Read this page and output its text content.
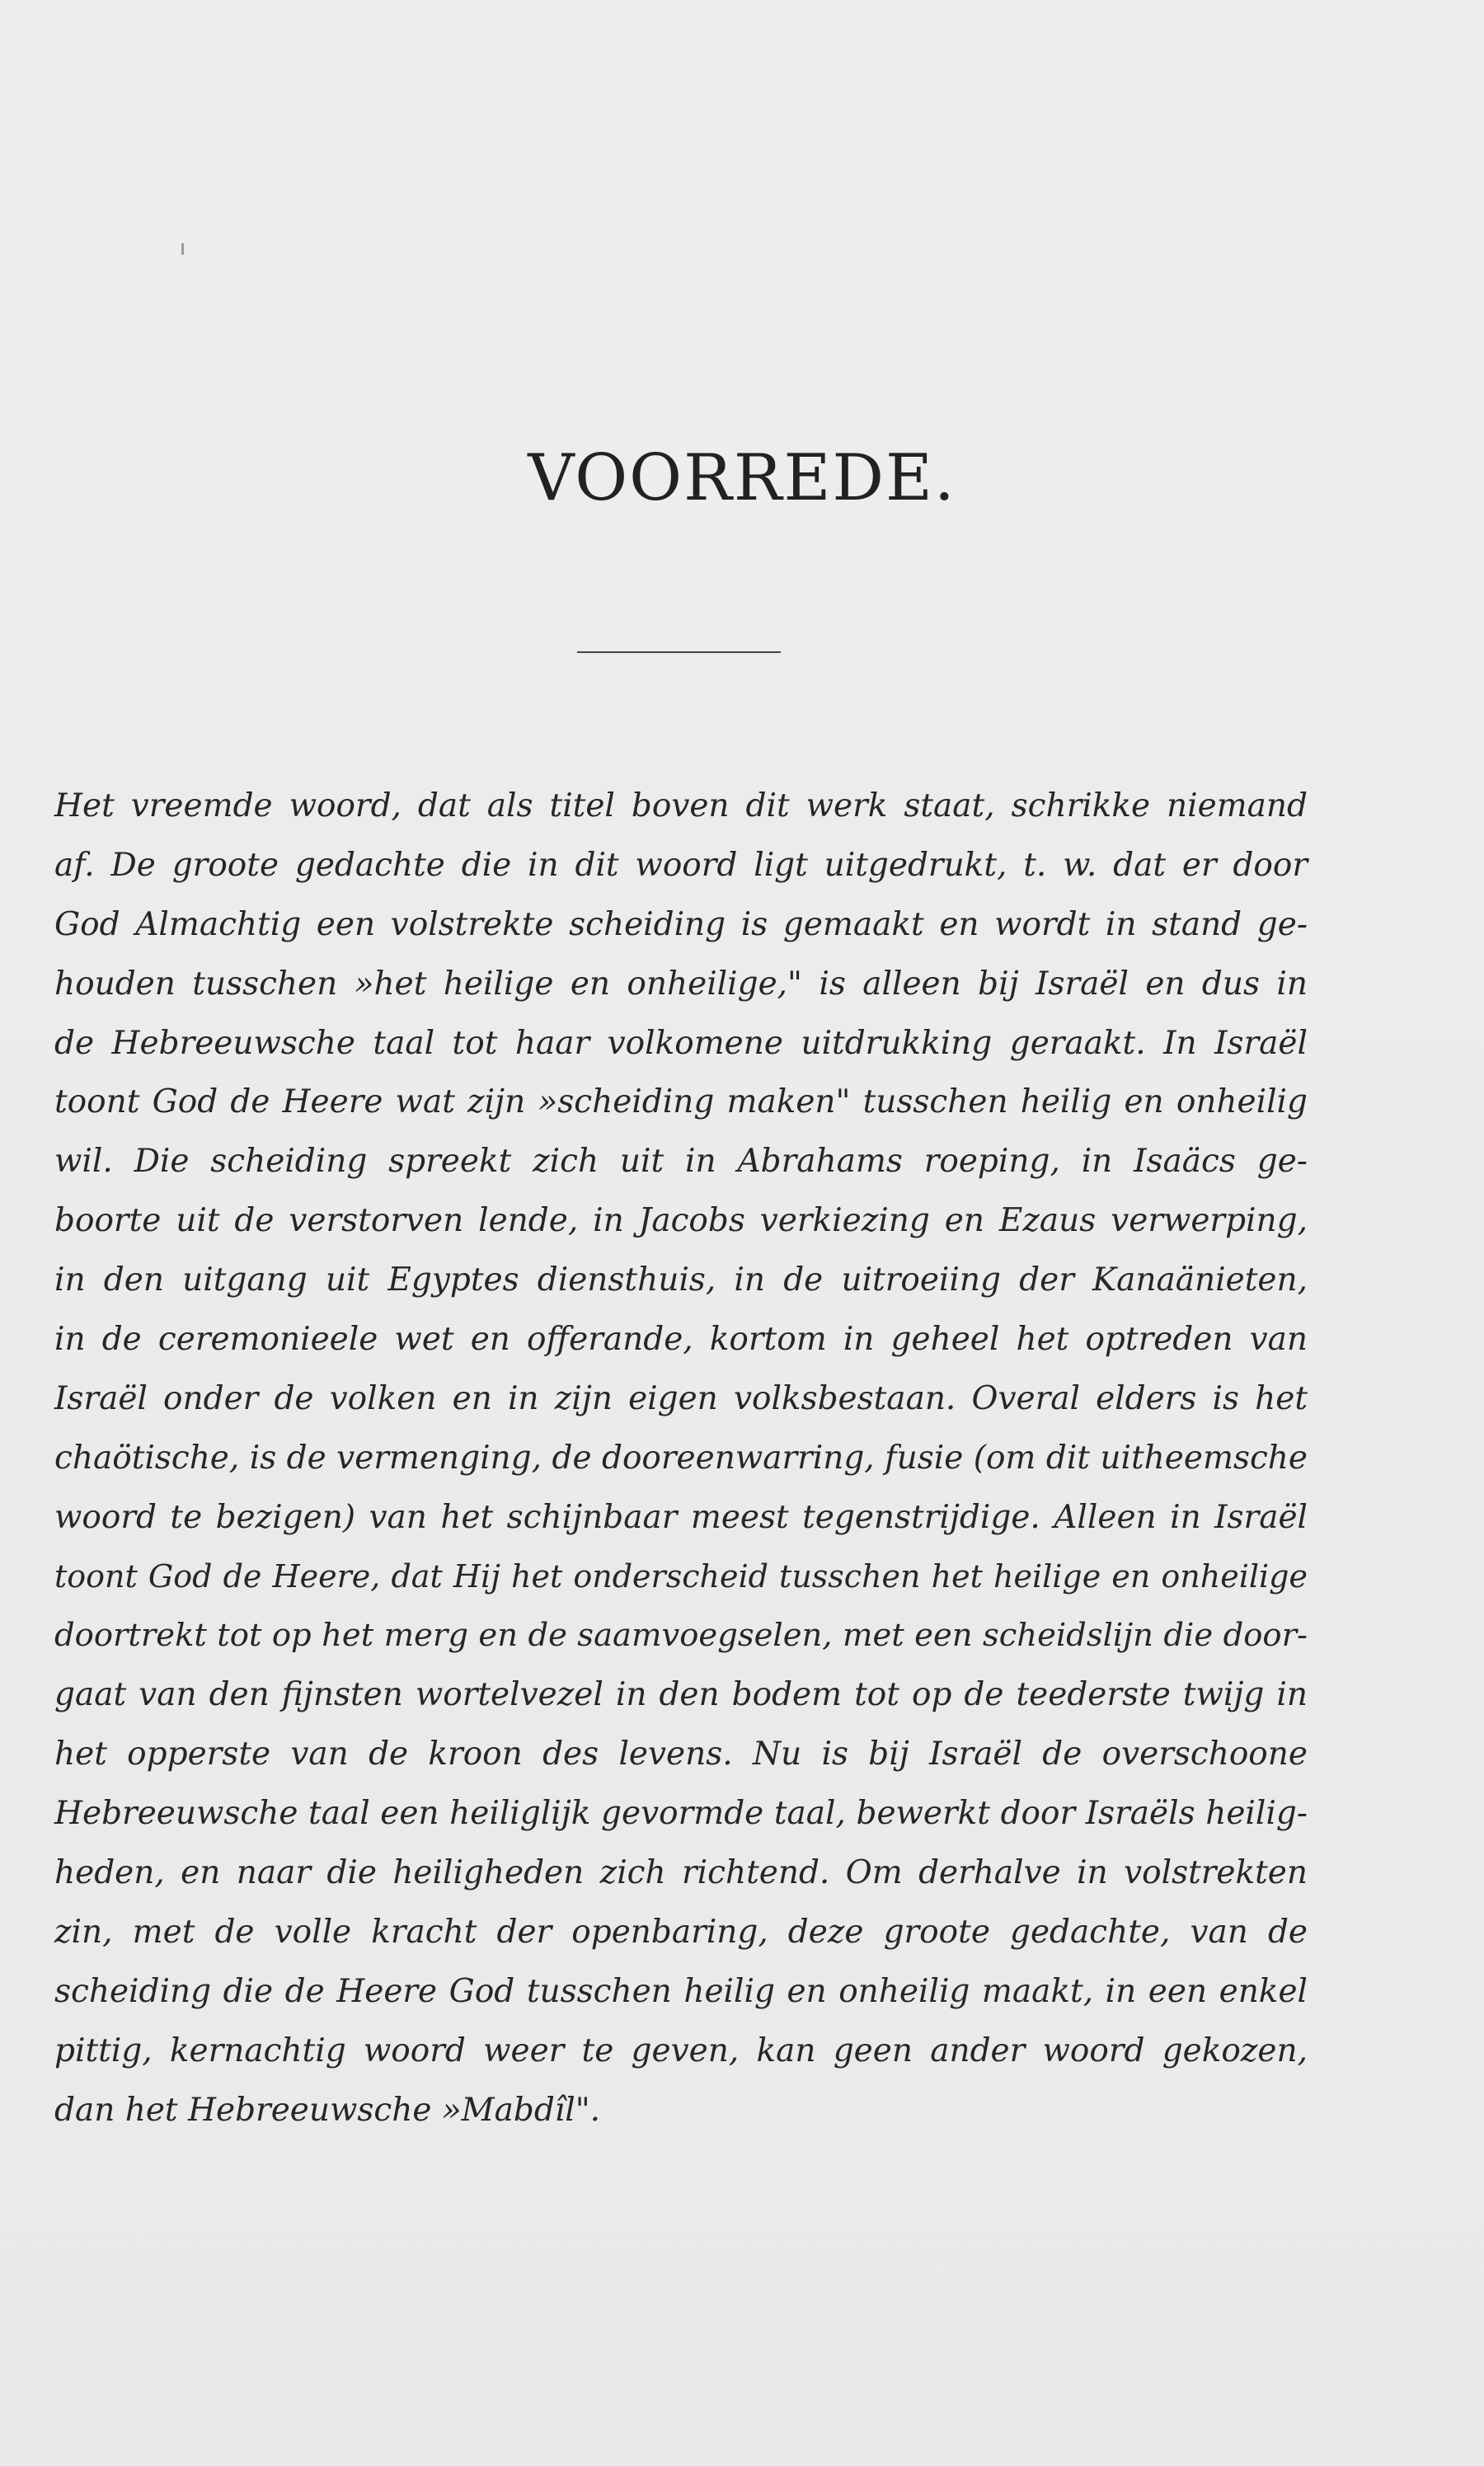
VOORREDE.
Het vreemde woord, dat als titel boven dit werk staat, schrikke niemand
af. De groote gedachte die in dit woord ligt uitgedrukt, t. w. dat er door
God Almachtig een volstrekte scheiding is gemaakt en wordt in stand ge-
houden tusschen »het heilige en onheilige," is alleen bij Israël en dus in
de Hebreeuwsche taal tot haar volkomene uitdrukking geraakt. In Israël
toont God de Heere wat zijn »scheiding maken" tusschen heilig en onheilig
wil. Die scheiding spreekt zich uit in Abrahams roeping, in Isaäcs ge-
boorte uit de verstorven lende, in Jacobs verkiezing en Ezaus verwerping,
in den uitgang uit Egyptes diensthuis, in de uitroeiing der Kanaänieten,
in de ceremonieele wet en offerande, kortom in geheel het optreden van
Israël onder de volken en in zijn eigen volksbestaan. Overal elders is het
chaötische, is de vermenging, de dooreenwarring, fusie (om dit uitheemsche
woord te bezigen) van het schijnbaar meest tegenstrijdige. Alleen in Israël
toont God de Heere, dat Hij het onderscheid tusschen het heilige en onheilige
doortrekt tot op het merg en de saamvoegselen, met een scheidslijn die door-
gaat van den fijnsten wortelvezel in den bodem tot op de teederste twijg in
het opperste van de kroon des levens. Nu is bij Israël de overschoone
Hebreeuwsche taal een heiliglijk gevormde taal, bewerkt door Israëls heilig-
heden, en naar die heiligheden zich richtend. Om derhalve in volstrekten
zin, met de volle kracht der openbaring, deze groote gedachte, van de
scheiding die de Heere God tusschen heilig en onheilig maakt, in een enkel
pittig, kernachtig woord weer te geven, kan geen ander woord gekozen,
dan het Hebreeuwsche »Mabdîl".
